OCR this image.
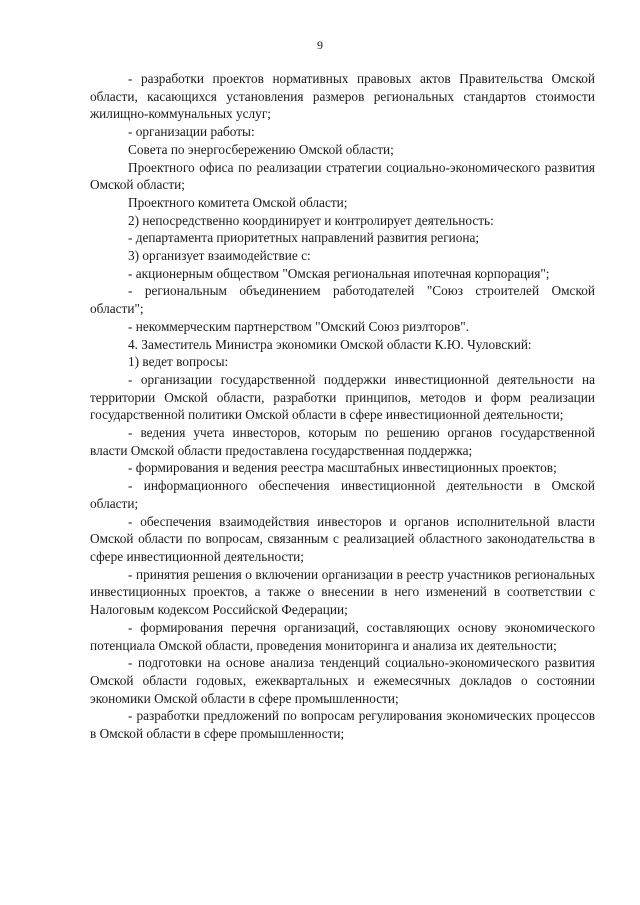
9

- разработки проектов нормативных правовых актов Правительства Омской области, касающихся установления размеров региональных стандартов стоимости жилищно-коммунальных услуг;

- организации работы:

Совета по энергосбережению Омской области;

Проектного офиса по реализации стратегии социально-экономического развития Омской области;

Проектного комитета Омской области;

2) непосредственно координирует и контролирует деятельность:

- департамента приоритетных направлений развития региона;

3) организует взаимодействие с:

- акционерным обществом "Омская региональная ипотечная корпорация";

- региональным объединением работодателей "Союз строителей Омской области";

- некоммерческим партнерством "Омский Союз риэлторов".

4. Заместитель Министра экономики Омской области К.Ю. Чуловский:

1) ведет вопросы:

- организации государственной поддержки инвестиционной деятельности на территории Омской области, разработки принципов, методов и форм реализации государственной политики Омской области в сфере инвестиционной деятельности;

- ведения учета инвесторов, которым по решению органов государственной власти Омской области предоставлена государственная поддержка;

- формирования и ведения реестра масштабных инвестиционных проектов;

- информационного обеспечения инвестиционной деятельности в Омской области;

- обеспечения взаимодействия инвесторов и органов исполнительной власти Омской области по вопросам, связанным с реализацией областного законодательства в сфере инвестиционной деятельности;

- принятия решения о включении организации в реестр участников региональных инвестиционных проектов, а также о внесении в него изменений в соответствии с Налоговым кодексом Российской Федерации;

- формирования перечня организаций, составляющих основу экономического потенциала Омской области, проведения мониторинга и анализа их деятельности;

- подготовки на основе анализа тенденций социально-экономического развития Омской области годовых, ежеквартальных и ежемесячных докладов о состоянии экономики Омской области в сфере промышленности;

- разработки предложений по вопросам регулирования экономических процессов в Омской области в сфере промышленности;
